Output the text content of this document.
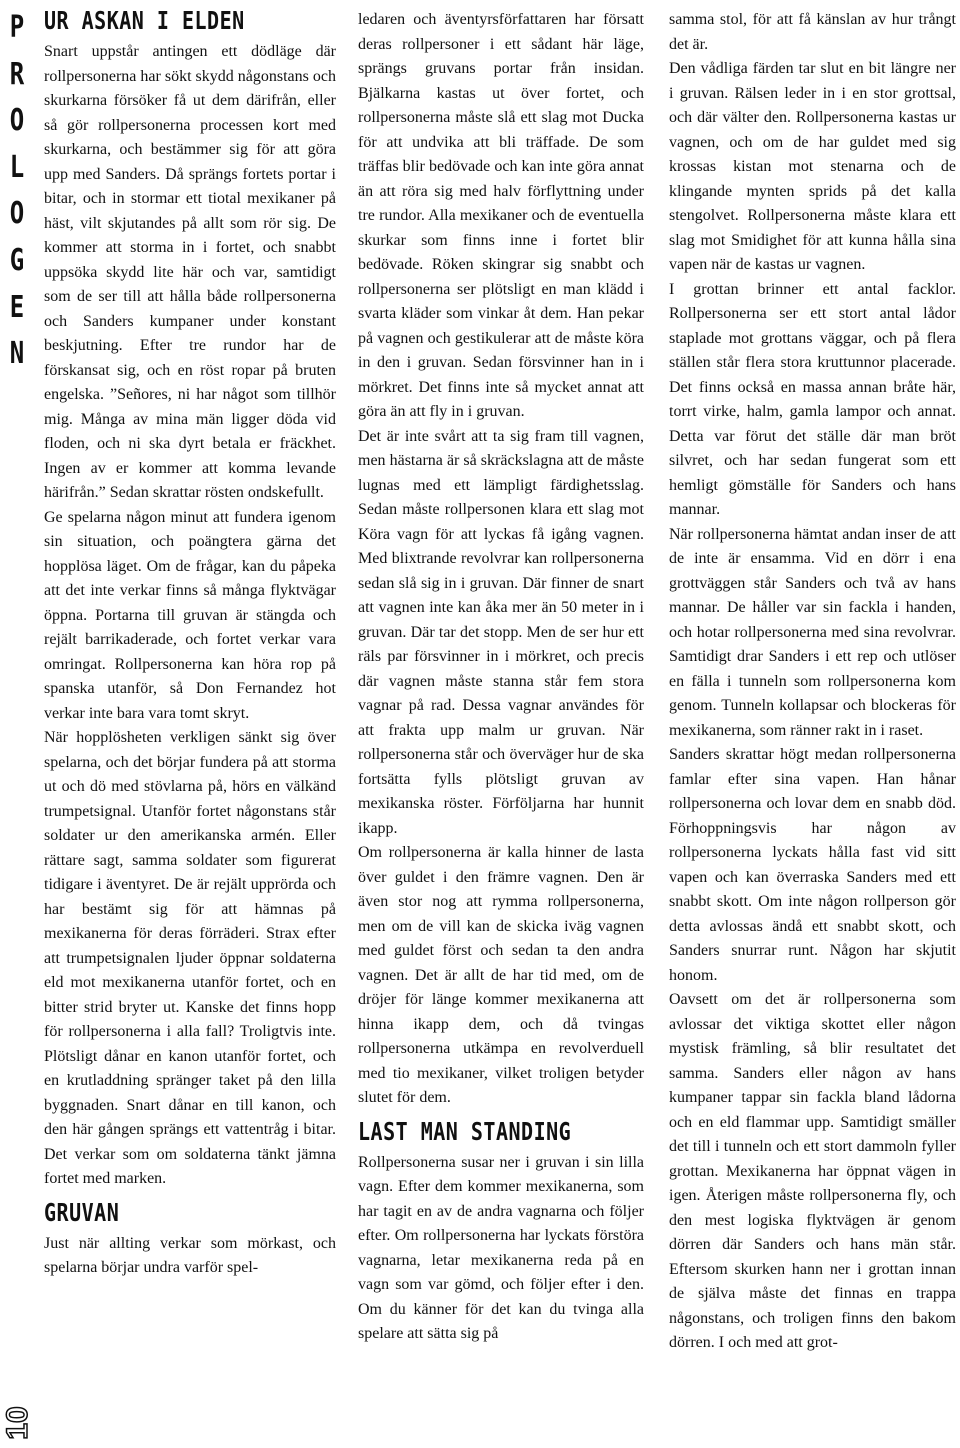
P
R
O
L
O
G
E
N
10
UR ASKAN I ELDEN

Snart uppstår antingen ett dödläge där rollpersonerna har sökt skydd någonstans och skurkarna försöker få ut dem därifrån, eller så gör rollpersonerna processen kort med skurkarna, och bestämmer sig för att göra upp med Sanders. Då sprängs fortets portar i bitar, och in stormar ett tiotal mexikaner på häst, vilt skjutandes på allt som rör sig. De kommer att storma in i fortet, och snabbt uppsöka skydd lite här och var, samtidigt som de ser till att hålla både rollpersonerna och Sanders kumpaner under konstant beskjutning. Efter tre rundor har de förskansat sig, och en röst ropar på bruten engelska. ”Señores, ni har något som tillhör mig. Många av mina män ligger döda vid floden, och ni ska dyrt betala er fräckhet. Ingen av er kommer att komma levande härifrån.” Sedan skrattar rösten ondskefullt.

Ge spelarna någon minut att fundera igenom sin situation, och poängtera gärna det hopplösa läget. Om de frågar, kan du påpeka att det inte verkar finns så många flyktvägar öppna. Portarna till gruvan är stängda och rejält barrikaderade, och fortet verkar vara omringat. Rollpersonerna kan höra rop på spanska utanför, så Don Fernandez hot verkar inte bara vara tomt skryt.

När hopplösheten verkligen sänkt sig över spelarna, och det börjar fundera på att storma ut och dö med stövlarna på, hörs en välkänd trumpetsignal. Utanför fortet någonstans står soldater ur den amerikanska armén. Eller rättare sagt, samma soldater som figurerat tidigare i äventyret. De är rejält upprörda och har bestämt sig för att hämnas på mexikanerna för deras förräderi. Strax efter att trumpetsignalen ljuder öppnar soldaterna eld mot mexikanerna utanför fortet, och en bitter strid bryter ut. Kanske det finns hopp för rollpersonerna i alla fall? Troligtvis inte. Plötsligt dånar en kanon utanför fortet, och en krutladdning spränger taket på den lilla byggnaden. Snart dånar en till kanon, och den här gången sprängs ett vattentråg i bitar. Det verkar som om soldaterna tänkt jämna fortet med marken.

GRUVAN

Just när allting verkar som mörkast, och spelarna börjar undra varför spel-

ledaren och äventyrsförfattaren har försatt deras rollpersoner i ett sådant här läge, sprängs gruvans portar från insidan. Bjälkarna kastas ut över fortet, och rollpersonerna måste slå ett slag mot Ducka för att undvika att bli träffade. De som träffas blir bedövade och kan inte göra annat än att röra sig med halv förflyttning under tre rundor. Alla mexikaner och de eventuella skurkar som finns inne i fortet blir bedövade. Röken skingrar sig snabbt och rollpersonerna ser plötsligt en man klädd i svarta kläder som vinkar åt dem. Han pekar på vagnen och gestikulerar att de måste köra in den i gruvan. Sedan försvinner han in i mörkret. Det finns inte så mycket annat att göra än att fly in i gruvan.

Det är inte svårt att ta sig fram till vagnen, men hästarna är så skräckslagna att de måste lugnas med ett lämpligt färdighetsslag. Sedan måste rollpersonen klara ett slag mot Köra vagn för att lyckas få igång vagnen. Med blixtrande revolvrar kan rollpersonerna sedan slå sig in i gruvan. Där finner de snart att vagnen inte kan åka mer än 50 meter in i gruvan. Där tar det stopp. Men de ser hur ett räls par försvinner in i mörkret, och precis där vagnen måste stanna står fem stora vagnar på rad. Dessa vagnar användes för att frakta upp malm ur gruvan. När rollpersonerna står och överväger hur de ska fortsätta fylls plötsligt gruvan av mexikanska röster. Förföljarna har hunnit ikapp.

Om rollpersonerna är kalla hinner de lasta över guldet i den främre vagnen. Den är även stor nog att rymma rollpersonerna, men om de vill kan de skicka iväg vagnen med guldet först och sedan ta den andra vagnen. Det är allt de har tid med, om de dröjer för länge kommer mexikanerna att hinna ikapp dem, och då tvingas rollpersonerna utkämpa en revolverduell med tio mexikaner, vilket troligen betyder slutet för dem.

LAST MAN STANDING

Rollpersonerna susar ner i gruvan i sin lilla vagn. Efter dem kommer mexikanerna, som har tagit en av de andra vagnarna och följer efter. Om rollpersonerna har lyckats förstöra vagnarna, letar mexikanerna reda på en vagn som var gömd, och följer efter i den. Om du känner för det kan du tvinga alla spelare att sätta sig på

samma stol, för att få känslan av hur trångt det är.

Den vådliga färden tar slut en bit längre ner i gruvan. Rälsen leder in i en stor grottsal, och där välter den. Rollpersonerna kastas ur vagnen, och om de har guldet med sig krossas kistan mot stenarna och de klingande mynten sprids på det kalla stengolvet. Rollpersonerna måste klara ett slag mot Smidighet för att kunna hålla sina vapen när de kastas ur vagnen.

I grottan brinner ett antal facklor. Rollpersonerna ser ett stort antal lådor staplade mot grottans väggar, och på flera ställen står flera stora kruttunnor placerade. Det finns också en massa annan bråte här, torrt virke, halm, gamla lampor och annat. Detta var förut det ställe där man bröt silvret, och har sedan fungerat som ett hemligt gömställe för Sanders och hans mannar.

När rollpersonerna hämtat andan inser de att de inte är ensamma. Vid en dörr i ena grottväggen står Sanders och två av hans mannar. De håller var sin fackla i handen, och hotar rollpersonerna med sina revolvrar. Samtidigt drar Sanders i ett rep och utlöser en fälla i tunneln som rollpersonerna kom genom. Tunneln kollapsar och blockeras för mexikanerna, som ränner rakt in i raset.

Sanders skrattar högt medan rollpersonerna famlar efter sina vapen. Han hånar rollpersonerna och lovar dem en snabb död. Förhoppningsvis har någon av rollpersonerna lyckats hålla fast vid sitt vapen och kan överraska Sanders med ett snabbt skott. Om inte någon rollperson gör detta avlossas ändå ett snabbt skott, och Sanders snurrar runt. Någon har skjutit honom.

Oavsett om det är rollpersonerna som avlossar det viktiga skottet eller någon mystisk främling, så blir resultatet det samma. Sanders eller någon av hans kumpaner tappar sin fackla bland lådorna och en eld flammar upp. Samtidigt smäller det till i tunneln och ett stort dammoln fyller grottan. Mexikanerna har öppnat vägen in igen. Återigen måste rollpersonerna fly, och den mest logiska flyktvägen är genom dörren där Sanders och hans män står. Eftersom skurken hann ner i grottan innan de själva måste det finnas en trappa någonstans, och troligen finns den bakom dörren. I och med att grot-
